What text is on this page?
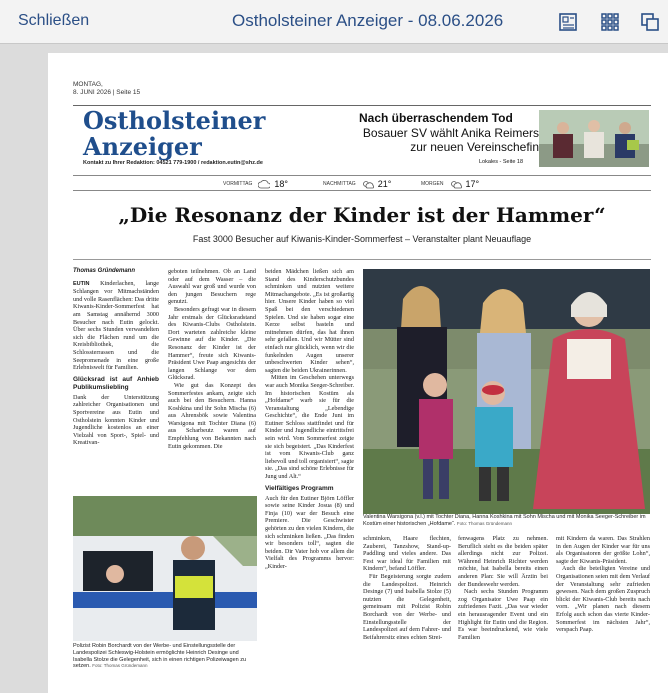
Schließen	Ostholsteiner Anzeiger - 08.06.2026
MONTAG,
8. JUNI 2026 | Seite 15
Ostholsteiner
Anzeiger
Kontakt zu Ihrer Redaktion: 04521 779-1900 / redaktion.eutin@shz.de
Nach überraschendem Tod
Bosauer SV wählt Anika Reimers
zur neuen Vereinschefin
Lokales - Seite 18
VORMITTAG 18°	NACHMITTAG 21°	MORGEN 17°
„Die Resonanz der Kinder ist der Hammer“
Fast 3000 Besucher auf Kiwanis-Kinder-Sommerfest – Veranstalter plant Neuauflage
Thomas Gründemann

EUTIN Kinderlachen, lange Schlangen vor Mitmachständen und volle Rasenflächen: Das dritte Kiwanis-Kinder-Sommerfest hat am Samstag annähernd 3000 Besucher nach Eutin gelockt. Über sechs Stunden verwandelten sich die Flächen rund um die Kreisbibliothek, die Schlossterrassen und die Seepromenade in eine große Erlebniswelt für Familien.

Glücksrad ist auf Anhieb Publikumsliebling

Dank der Unterstützung zahlreicher Organisationen und Sportvereine aus Eutin und Ostholstein konnten Kinder und Jugendliche kostenlos an einer Vielzahl von Sport-, Spiel- und Kreativan-

geboten teilnehmen. Ob an Land oder auf dem Wasser – die Auswahl war groß und wurde von den jungen Besuchern rege genutzt.

Besonders gefragt war in diesem Jahr erstmals der Glücksradstand des Kiwanis-Clubs Ostholstein. Dort warteten zahlreiche kleine Gewinne auf die Kinder. „Die Resonanz der Kinder ist der Hammer“, freute sich Kiwanis-Präsident Uwe Paap angesichts der langen Schlange vor dem Glücksrad.

Wie gut das Konzept des Sommerfestes ankam, zeigte sich auch bei den Besuchern. Hanna Koshkina und ihr Sohn Mischa (6) aus Ahrensbök sowie Valentina Warsigona mit Tochter Diana (6) aus Scharbeutz waren auf Empfehlung von Bekannten nach Eutin gekommen. Die

beiden Mädchen ließen sich am Stand des Kinderschutzbundes schminken und nutzten weitere Mitmachangebote. „Es ist großartig hier. Unsere Kinder haben so viel Spaß bei den verschiedenen Spielen. Und sie haben sogar eine Kerze selbst basteln und mitnehmen dürfen, das hat ihnen sehr gefallen. Und wir Mütter sind einfach nur glücklich, wenn wir die funkelnden Augen unserer unbeschwerten Kinder sehen“, sagten die beiden Ukrainerinnen.

Mitten im Geschehen unterwegs war auch Monika Seeger-Schreiber. Im historischen Kostüm als „Hofdame“ warb sie für die Veranstaltung „Lebendige Geschichte“, die Ende Juni im Eutiner Schloss stattfindet und für Kinder und Jugendliche eintrittsfrei sein wird. Vom Sommerfest zeigte sie sich begeistert. „Das Kinderfest ist vom Kiwanis-Club ganz liebevoll und toll organisiert“, sagte sie. „Das sind schöne Erlebnisse für Jung und Alt.“

Vielfältiges Programm

Auch für den Eutiner Björn Löffler sowie seine Kinder Josua (8) und Finja (10) war der Besuch eine Premiere. Die Geschwister gehörten zu den vielen Kindern, die sich schminken ließen. „Das finden wir besonders toll“, sagten die beiden. Dir Vater hob vor allem die Vielfalt des Programms hervor: „Kinder-

Valentina Warsigona (v.l.) mit Tochter Diana, Hanna Koshkina mit Sohn Mischa und mit Monika Seeger-Schreiber im Kostüm einer historischen „Hofdame“. Foto: Thomas Gründemann
Polizist Robin Borchardt von der Werbe- und Einstellungsstelle der Landespolizei Schleswig-Holstein ermöglichte Heinrich Desinge und Isabella Stolze die Gelegenheit, sich in einen richtigen Polizeiwagen zu setzen. Foto: Thomas Gründemann

schminken, Haare flechten, Zauberei, Tanzshow, Stand-up-Paddling und vieles andere. Das Fest war ideal für Familien mit Kindern“, befand Löffler.

Für Begeisterung sorgte zudem die Landespolizei. Heinrich Desinge (7) und Isabella Stolze (5) nutzten die Gelegenheit, gemeinsam mit Polizist Robin Borchardt von der Werbe- und Einstellungsstelle der Landespolizei auf dem Fahrer- und Beifahrersitz eines echten Strei-

fenwagens Platz zu nehmen. Beruflich sieht es die beiden später allerdings nicht zur Polizei. Während Heinrich Richter werden möchte, hat Isabella bereits einen anderen Plan: Sie will Ärztin bei der Bundeswehr werden.

Nach sechs Stunden Programm zog Organisator Uwe Paap ein zufriedenes Fazit. „Das war wieder ein herausragender Event und ein Highlight für Eutin und die Region. Es war beeindruckend, wie viele Familien

mit Kindern da waren. Das Strahlen in den Augen der Kinder war für uns als Organisatoren der größte Lohn“, sagte der Kiwanis-Präsident.

Auch die beteiligten Vereine und Organisationen seien mit dem Verlauf der Veranstaltung sehr zufrieden gewesen. Nach dem großen Zuspruch blickt der Kiwanis-Club bereits nach vorn. „Wir planen nach diesem Erfolg auch schon das vierte Kinder-Sommerfest im nächsten Jahr“, verspach Paap.
